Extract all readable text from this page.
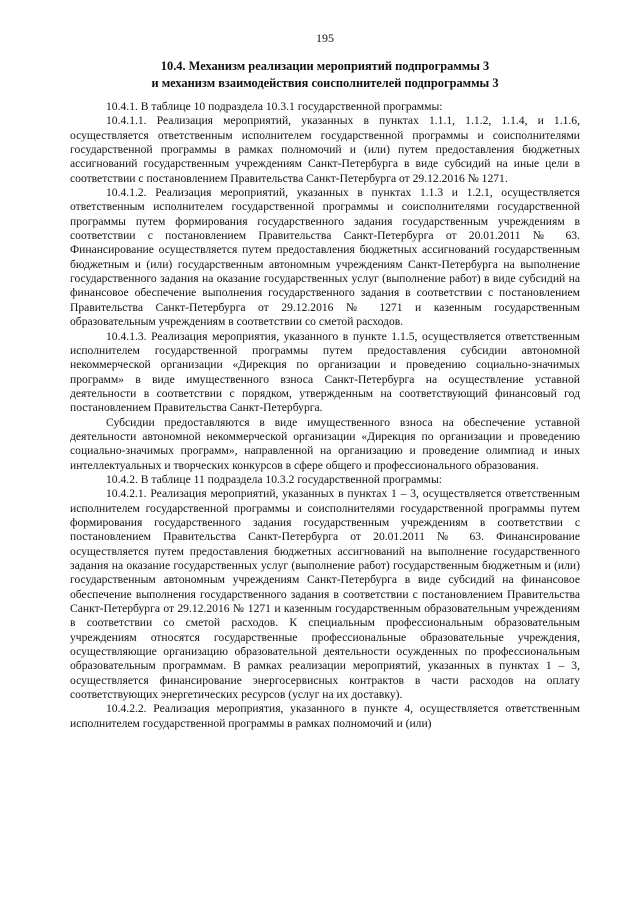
195
10.4. Механизм реализации мероприятий подпрограммы 3
и механизм взаимодействия соисполнителей подпрограммы 3

10.4.1. В таблице 10 подраздела 10.3.1 государственной программы:

10.4.1.1. Реализация мероприятий, указанных в пунктах 1.1.1, 1.1.2, 1.1.4, и 1.1.6, осуществляется ответственным исполнителем государственной программы и соисполнителями государственной программы в рамках полномочий и (или) путем предоставления бюджетных ассигнований государственным учреждениям Санкт-Петербурга в виде субсидий на иные цели в соответствии с постановлением Правительства Санкт-Петербурга от 29.12.2016 № 1271.

10.4.1.2. Реализация мероприятий, указанных в пунктах 1.1.3 и 1.2.1, осуществляется ответственным исполнителем государственной программы и соисполнителями государственной программы путем формирования государственного задания государственным учреждениям в соответствии с постановлением Правительства Санкт-Петербурга от 20.01.2011 № 63. Финансирование осуществляется путем предоставления бюджетных ассигнований государственным бюджетным и (или) государственным автономным учреждениям Санкт-Петербурга на выполнение государственного задания на оказание государственных услуг (выполнение работ) в виде субсидий на финансовое обеспечение выполнения государственного задания в соответствии с постановлением Правительства Санкт-Петербурга от 29.12.2016 № 1271 и казенным государственным образовательным учреждениям в соответствии со сметой расходов.

10.4.1.3. Реализация мероприятия, указанного в пункте 1.1.5, осуществляется ответственным исполнителем государственной программы путем предоставления субсидии автономной некоммерческой организации «Дирекция по организации и проведению социально-значимых программ» в виде имущественного взноса Санкт-Петербурга на осуществление уставной деятельности в соответствии с порядком, утвержденным на соответствующий финансовый год постановлением Правительства Санкт-Петербурга.

Субсидии предоставляются в виде имущественного взноса на обеспечение уставной деятельности автономной некоммерческой организации «Дирекция по организации и проведению социально-значимых программ», направленной на организацию и проведение олимпиад и иных интеллектуальных и творческих конкурсов в сфере общего и профессионального образования.

10.4.2. В таблице 11 подраздела 10.3.2 государственной программы:

10.4.2.1. Реализация мероприятий, указанных в пунктах 1 – 3, осуществляется ответственным исполнителем государственной программы и соисполнителями государственной программы путем формирования государственного задания государственным учреждениям в соответствии с постановлением Правительства Санкт-Петербурга от 20.01.2011 № 63. Финансирование осуществляется путем предоставления бюджетных ассигнований на выполнение государственного задания на оказание государственных услуг (выполнение работ) государственным бюджетным и (или) государственным автономным учреждениям Санкт-Петербурга в виде субсидий на финансовое обеспечение выполнения государственного задания в соответствии с постановлением Правительства Санкт-Петербурга от 29.12.2016 № 1271 и казенным государственным образовательным учреждениям в соответствии со сметой расходов. К специальным профессиональным образовательным учреждениям относятся государственные профессиональные образовательные учреждения, осуществляющие организацию образовательной деятельности осужденных по профессиональным образовательным программам. В рамках реализации мероприятий, указанных в пунктах 1 – 3, осуществляется финансирование энергосервисных контрактов в части расходов на оплату соответствующих энергетических ресурсов (услуг на их доставку).

10.4.2.2. Реализация мероприятия, указанного в пункте 4, осуществляется ответственным исполнителем государственной программы в рамках полномочий и (или)
